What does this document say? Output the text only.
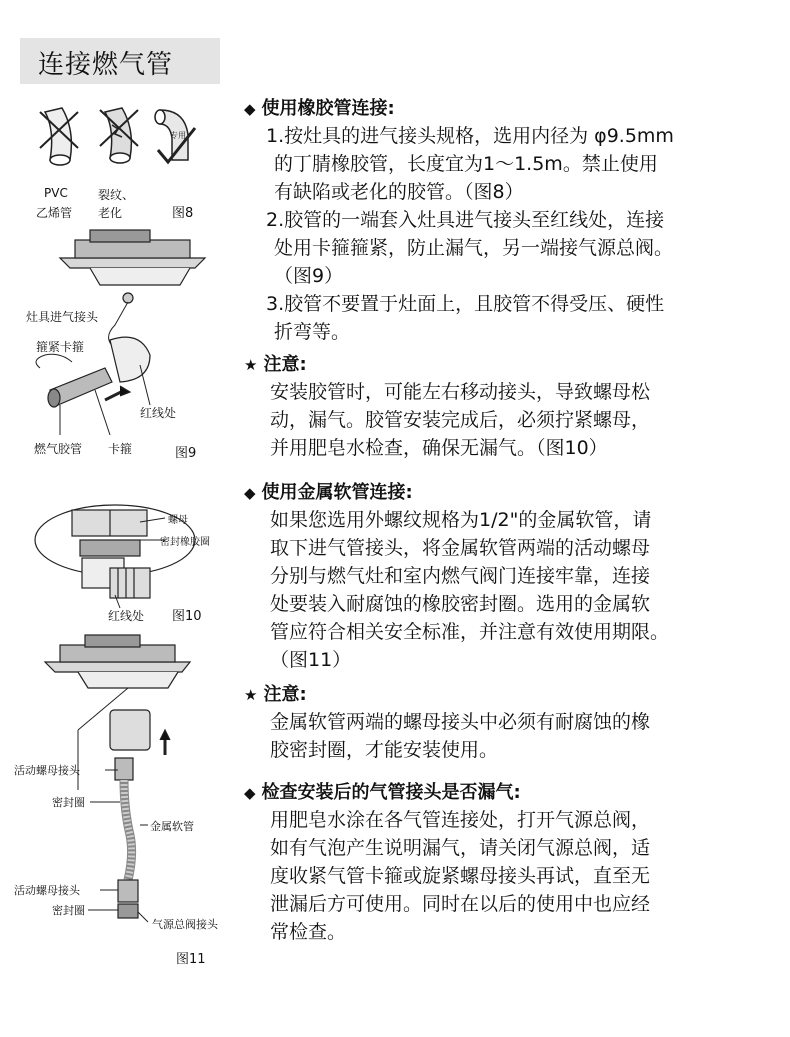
连接燃气管
PVC
乙烯管
裂纹、
老化
专用
图8
灶具进气接头
箍紧卡箍
红线处
燃气胶管 卡箍	图9
螺母
密封橡胶圈
红线处 图10
活动螺母接头
密封圈
金属软管
活动螺母接头
密封圈
气源总阀接头
图11
◆ 使用橡胶管连接:
1.按灶具的进气接头规格，选用内径为 φ9.5mm
的丁腈橡胶管，长度宜为1～1.5m。禁止使用
有缺陷或老化的胶管。（图8）
2.胶管的一端套入灶具进气接头至红线处，连接
处用卡箍箍紧，防止漏气，另一端接气源总阀。
（图9）
3.胶管不要置于灶面上，且胶管不得受压、硬性
折弯等。
★ 注意:
安装胶管时，可能左右移动接头，导致螺母松
动，漏气。胶管安装完成后，必须拧紧螺母，
并用肥皂水检查，确保无漏气。（图10）
◆ 使用金属软管连接:
如果您选用外螺纹规格为1/2"的金属软管，请
取下进气管接头，将金属软管两端的活动螺母
分别与燃气灶和室内燃气阀门连接牢靠，连接
处要装入耐腐蚀的橡胶密封圈。选用的金属软
管应符合相关安全标准，并注意有效使用期限。
（图11）
★ 注意:
金属软管两端的螺母接头中必须有耐腐蚀的橡
胶密封圈，才能安装使用。
◆ 检查安装后的气管接头是否漏气:
用肥皂水涂在各气管连接处，打开气源总阀，
如有气泡产生说明漏气，请关闭气源总阀，适
度收紧气管卡箍或旋紧螺母接头再试，直至无
泄漏后方可使用。同时在以后的使用中也应经
常检查。
